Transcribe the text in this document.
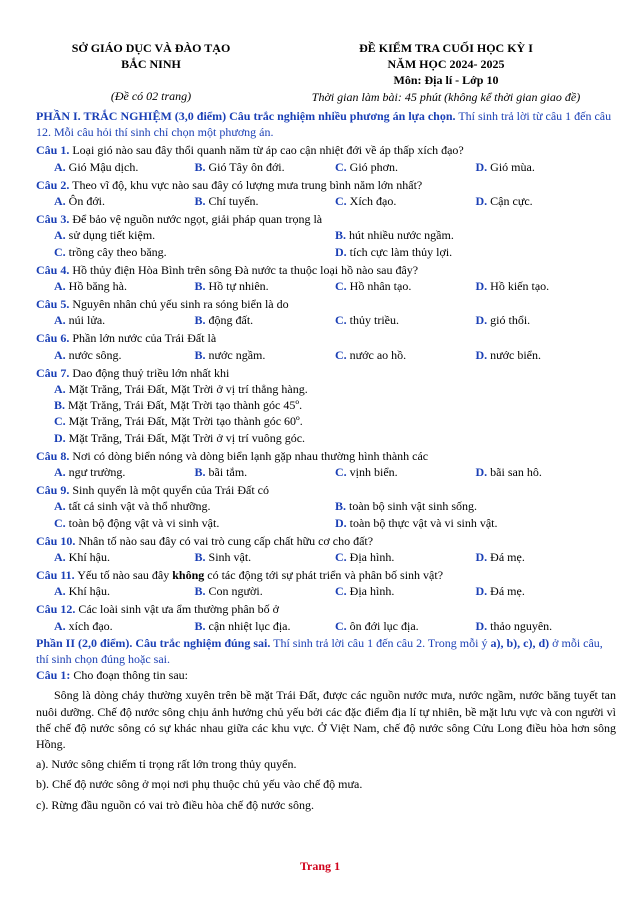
SỞ GIÁO DỤC VÀ ĐÀO TẠO
BẮC NINH
(Đề có 02 trang)
ĐỀ KIỂM TRA CUỐI HỌC KỲ I
NĂM HỌC 2024- 2025
Môn: Địa lí - Lớp 10
Thời gian làm bài: 45 phút (không kể thời gian giao đề)

PHẦN I. TRẮC NGHIỆM (3,0 điểm) Câu trắc nghiệm nhiều phương án lựa chọn. Thí sinh trả lời từ câu 1 đến câu 12. Mỗi câu hỏi thí sinh chỉ chọn một phương án.

Câu 1. Loại gió nào sau đây thổi quanh năm từ áp cao cận nhiệt đới về áp thấp xích đạo?

A. Gió Mậu dịch.	B. Gió Tây ôn đới.	C. Gió phơn.	D. Gió mùa.

Câu 2. Theo vĩ độ, khu vực nào sau đây có lượng mưa trung bình năm lớn nhất?

A. Ôn đới.	B. Chí tuyến.	C. Xích đạo.	D. Cận cực.

Câu 3. Để bảo vệ nguồn nước ngọt, giải pháp quan trọng là

A. sử dụng tiết kiệm.	B. hút nhiều nước ngầm.
C. trồng cây theo băng.	D. tích cực làm thủy lợi.

Câu 4. Hồ thủy điện Hòa Bình trên sông Đà nước ta thuộc loại hồ nào sau đây?

A. Hồ băng hà.	B. Hồ tự nhiên.	C. Hồ nhân tạo.	D. Hồ kiến tạo.

Câu 5. Nguyên nhân chủ yếu sinh ra sóng biển là do

A. núi lửa.	B. động đất.	C. thủy triều.	D. gió thổi.

Câu 6. Phần lớn nước của Trái Đất là

A. nước sông.	B. nước ngầm.	C. nước ao hồ.	D. nước biển.

Câu 7. Dao động thuỷ triều lớn nhất khi

A. Mặt Trăng, Trái Đất, Mặt Trời ở vị trí thẳng hàng.
B. Mặt Trăng, Trái Đất, Mặt Trời tạo thành góc 45º.
C. Mặt Trăng, Trái Đất, Mặt Trời tạo thành góc 60º.
D. Mặt Trăng, Trái Đất, Mặt Trời ở vị trí vuông góc.

Câu 8. Nơi có dòng biển nóng và dòng biển lạnh gặp nhau thường hình thành các

A. ngư trường.	B. bãi tắm.	C. vịnh biển.	D. bãi san hô.

Câu 9. Sinh quyển là một quyển của Trái Đất có

A. tất cả sinh vật và thổ nhưỡng.	B. toàn bộ sinh vật sinh sống.
C. toàn bộ động vật và vi sinh vật.	D. toàn bộ thực vật và vi sinh vật.

Câu 10. Nhân tố nào sau đây có vai trò cung cấp chất hữu cơ cho đất?

A. Khí hậu.	B. Sinh vật.	C. Địa hình.	D. Đá mẹ.

Câu 11. Yếu tố nào sau đây không có tác động tới sự phát triển và phân bố sinh vật?

A. Khí hậu.	B. Con người.	C. Địa hình.	D. Đá mẹ.

Câu 12. Các loài sinh vật ưa ẩm thường phân bố ở

A. xích đạo.	B. cận nhiệt lục địa.	C. ôn đới lục địa.	D. thảo nguyên.

Phần II (2,0 điểm). Câu trắc nghiệm đúng sai. Thí sinh trả lời câu 1 đến câu 2. Trong mỗi ý a), b), c), d) ở mỗi câu, thí sinh chọn đúng hoặc sai.

Câu 1: Cho đoạn thông tin sau:

Sông là dòng chảy thường xuyên trên bề mặt Trái Đất, được các nguồn nước mưa, nước ngầm, nước băng tuyết tan nuôi dưỡng. Chế độ nước sông chịu ảnh hưởng chủ yếu bởi các đặc điểm địa lí tự nhiên, bề mặt lưu vực và con người vì thế chế độ nước sông có sự khác nhau giữa các khu vực. Ở Việt Nam, chế độ nước sông Cửu Long điều hòa hơn sông Hồng.

a). Nước sông chiếm tỉ trọng rất lớn trong thủy quyển.

b). Chế độ nước sông ở mọi nơi phụ thuộc chủ yếu vào chế độ mưa.

c). Rừng đầu nguồn có vai trò điều hòa chế độ nước sông.

Trang 1
